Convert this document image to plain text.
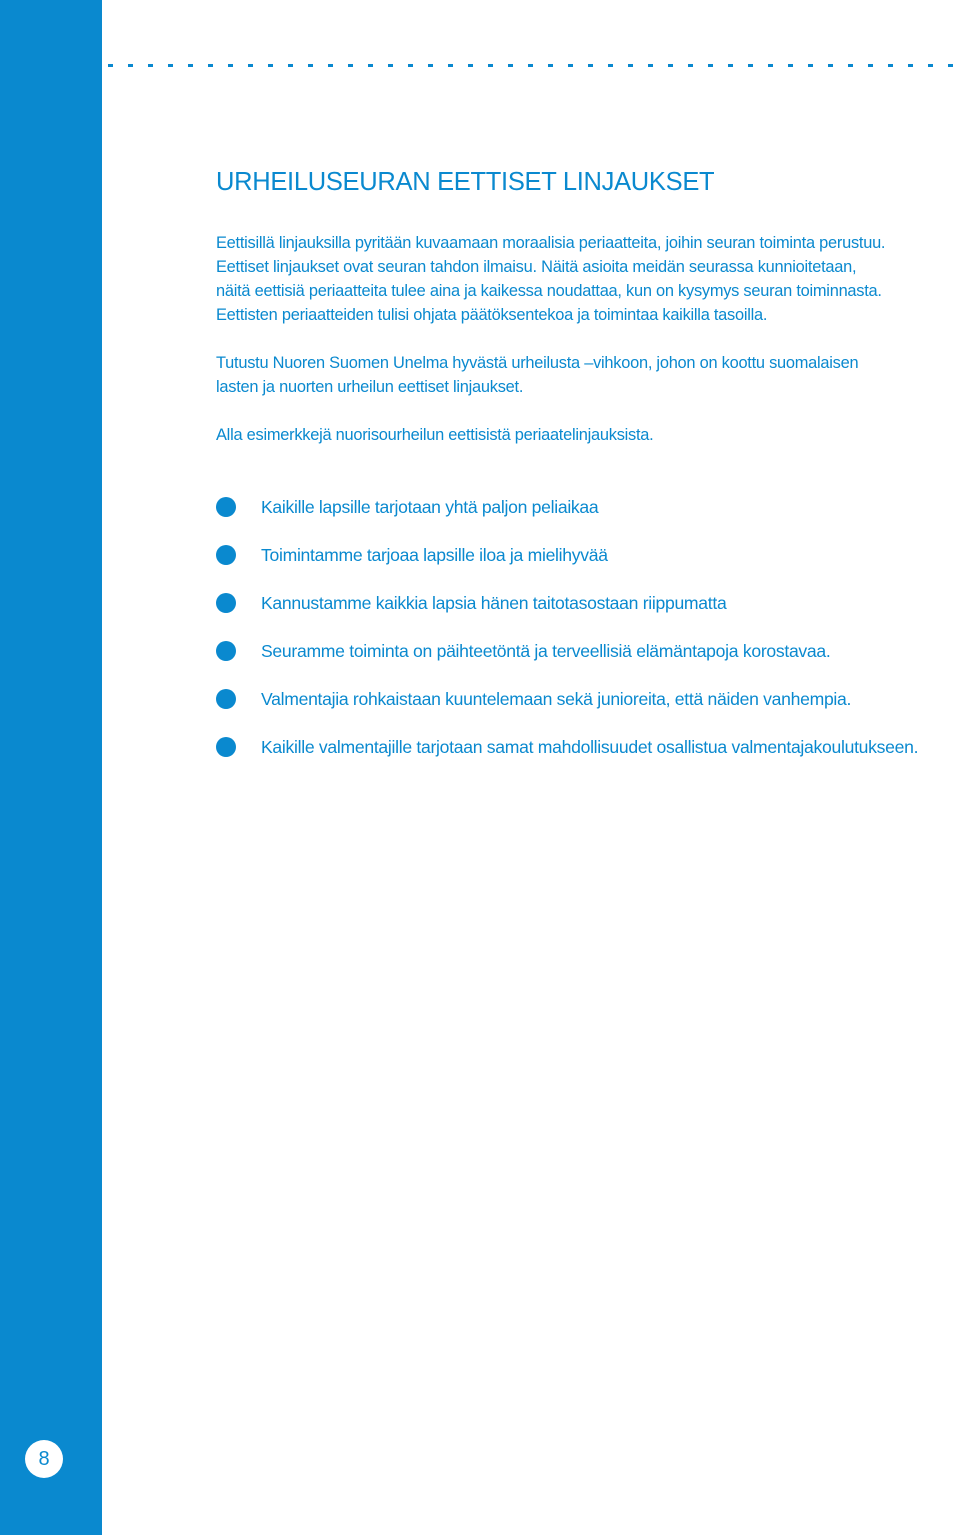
8
URHEILUSEURAN EETTISET LINJAUKSET

Eettisillä linjauksilla pyritään kuvaamaan moraalisia periaatteita, joihin seuran toiminta perustuu.
Eettiset linjaukset ovat seuran tahdon ilmaisu. Näitä asioita meidän seurassa kunnioitetaan,
näitä eettisiä periaatteita tulee aina ja kaikessa noudattaa, kun on kysymys seuran toiminnasta.
Eettisten periaatteiden tulisi ohjata päätöksentekoa ja toimintaa kaikilla tasoilla.

Tutustu Nuoren Suomen Unelma hyvästä urheilusta –vihkoon, johon on koottu suomalaisen
lasten ja nuorten urheilun eettiset linjaukset.

Alla esimerkkejä nuorisourheilun eettisistä periaatelinjauksista.

Kaikille lapsille tarjotaan yhtä paljon peliaikaa
Toimintamme tarjoaa lapsille iloa ja mielihyvää
Kannustamme kaikkia lapsia hänen taitotasostaan riippumatta
Seuramme toiminta on päihteetöntä ja terveellisiä elämäntapoja korostavaa.
Valmentajia rohkaistaan kuuntelemaan sekä junioreita, että näiden vanhempia.
Kaikille valmentajille tarjotaan samat mahdollisuudet osallistua valmentajakoulutukseen.
